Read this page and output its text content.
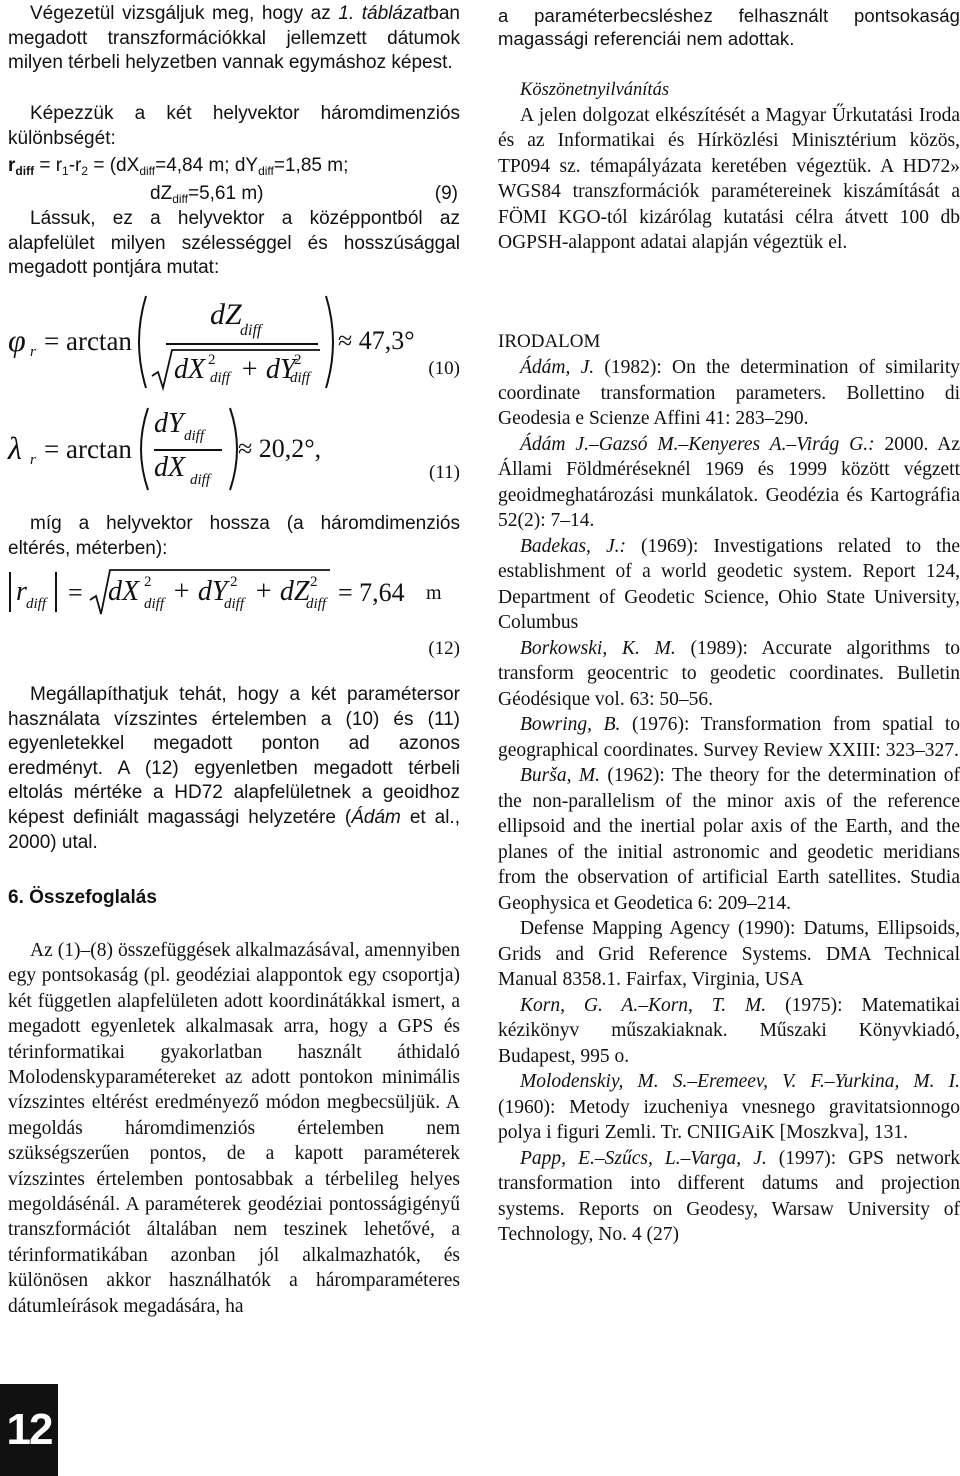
Végezetül vizsgáljuk meg, hogy az 1. táblázatban megadott transzformációkkal jellemzett dátumok milyen térbeli helyzetben vannak egymáshoz képest.

Képezzük a két helyvektor háromdimenziós különbségét:

$r_{diff} = r_1-r_2 = (dX_{diff}=4,84$ m; $dY_{diff}=1,85$ m;
$dZ_{diff}=5,61$ m)	(9)

Lássuk, ez a helyvektor a középpontból az alapfelület milyen szélességgel és hosszúsággal megadott pontjára mutat:

φ r = arctan
dZ
diff
dX 2
diff + dY
2
diff
≈ 47,3°
(10)
λ r = arctan
dY diff
dX diff
≈ 20,2°,
(11)

míg a helyvektor hossza (a háromdimenziós eltérés, méterben):

r diff = dX 2
diff + dY 2
diff + dZ 2
diff = 7,64 m
(12)

Megállapíthatjuk tehát, hogy a két paramétersor használata vízszintes értelemben a (10) és (11) egyenletekkel megadott ponton ad azonos eredményt. A (12) egyenletben megadott térbeli eltolás mértéke a HD72 alapfelületnek a geoidhoz képest definiált magassági helyzetére (Ádám et al., 2000) utal.

6. Összefoglalás

Az (1)–(8) összefüggések alkalmazásával, amennyiben egy pontsokaság (pl. geodéziai alappontok egy csoportja) két független alapfelületen adott koordinátákkal ismert, a megadott egyenletek alkalmasak arra, hogy a GPS és térinformatikai gyakorlatban használt áthidaló Molodenskyparamétereket az adott pontokon minimális vízszintes eltérést eredményező módon megbecsüljük. A megoldás háromdimenziós értelemben nem szükségszerűen pontos, de a kapott paraméterek vízszintes értelemben pontosabbak a térbelileg helyes megoldásénál. A paraméterek geodéziai pontosságigényű transzformációt általában nem teszinek lehetővé, a térinformatikában azonban jól alkalmazhatók, és különösen akkor használhatók a háromparaméteres dátumleírások megadására, ha

a paraméterbecsléshez felhasznált pontsokaság magassági referenciái nem adottak.

Köszönetnyilvánítás

A jelen dolgozat elkészítését a Magyar Űrkutatási Iroda és az Informatikai és Hírközlési Minisztérium közös, TP094 sz. témapályázata keretében végeztük. A HD72» WGS84 transzformációk paramétereinek kiszámítását a FÖMI KGO-tól kizárólag kutatási célra átvett 100 db OGPSH-alappont adatai alapján végeztük el.

IRODALOM

Ádám, J. (1982): On the determination of similarity coordinate transformation parameters. Bollettino di Geodesia e Scienze Affini 41: 283–290.

Ádám J.–Gazsó M.–Kenyeres A.–Virág G.: 2000. Az Állami Földméréseknél 1969 és 1999 között végzett geoidmeghatározási munkálatok. Geodézia és Kartográfia 52(2): 7–14.

Badekas, J.: (1969): Investigations related to the establishment of a world geodetic system. Report 124, Department of Geodetic Science, Ohio State University, Columbus

Borkowski, K. M. (1989): Accurate algorithms to transform geocentric to geodetic coordinates. Bulletin Géodésique vol. 63: 50–56.

Bowring, B. (1976): Transformation from spatial to geographical coordinates. Survey Review XXIII: 323–327.

Burša, M. (1962): The theory for the determination of the non-parallelism of the minor axis of the reference ellipsoid and the inertial polar axis of the Earth, and the planes of the initial astronomic and geodetic meridians from the observation of artificial Earth satellites. Studia Geophysica et Geodetica 6: 209–214.

Defense Mapping Agency (1990): Datums, Ellipsoids, Grids and Grid Reference Systems. DMA Technical Manual 8358.1. Fairfax, Virginia, USA

Korn, G. A.–Korn, T. M. (1975): Matematikai kézikönyv műszakiaknak. Műszaki Könyvkiadó, Budapest, 995 o.

Molodenskiy, M. S.–Eremeev, V. F.–Yurkina, M. I. (1960): Metody izucheniya vnesnego gravitatsionnogo polya i figuri Zemli. Tr. CNIIGAiK [Moszkva], 131.

Papp, E.–Szűcs, L.–Varga, J. (1997): GPS network transformation into different datums and projection systems. Reports on Geodesy, Warsaw University of Technology, No. 4 (27)

12
